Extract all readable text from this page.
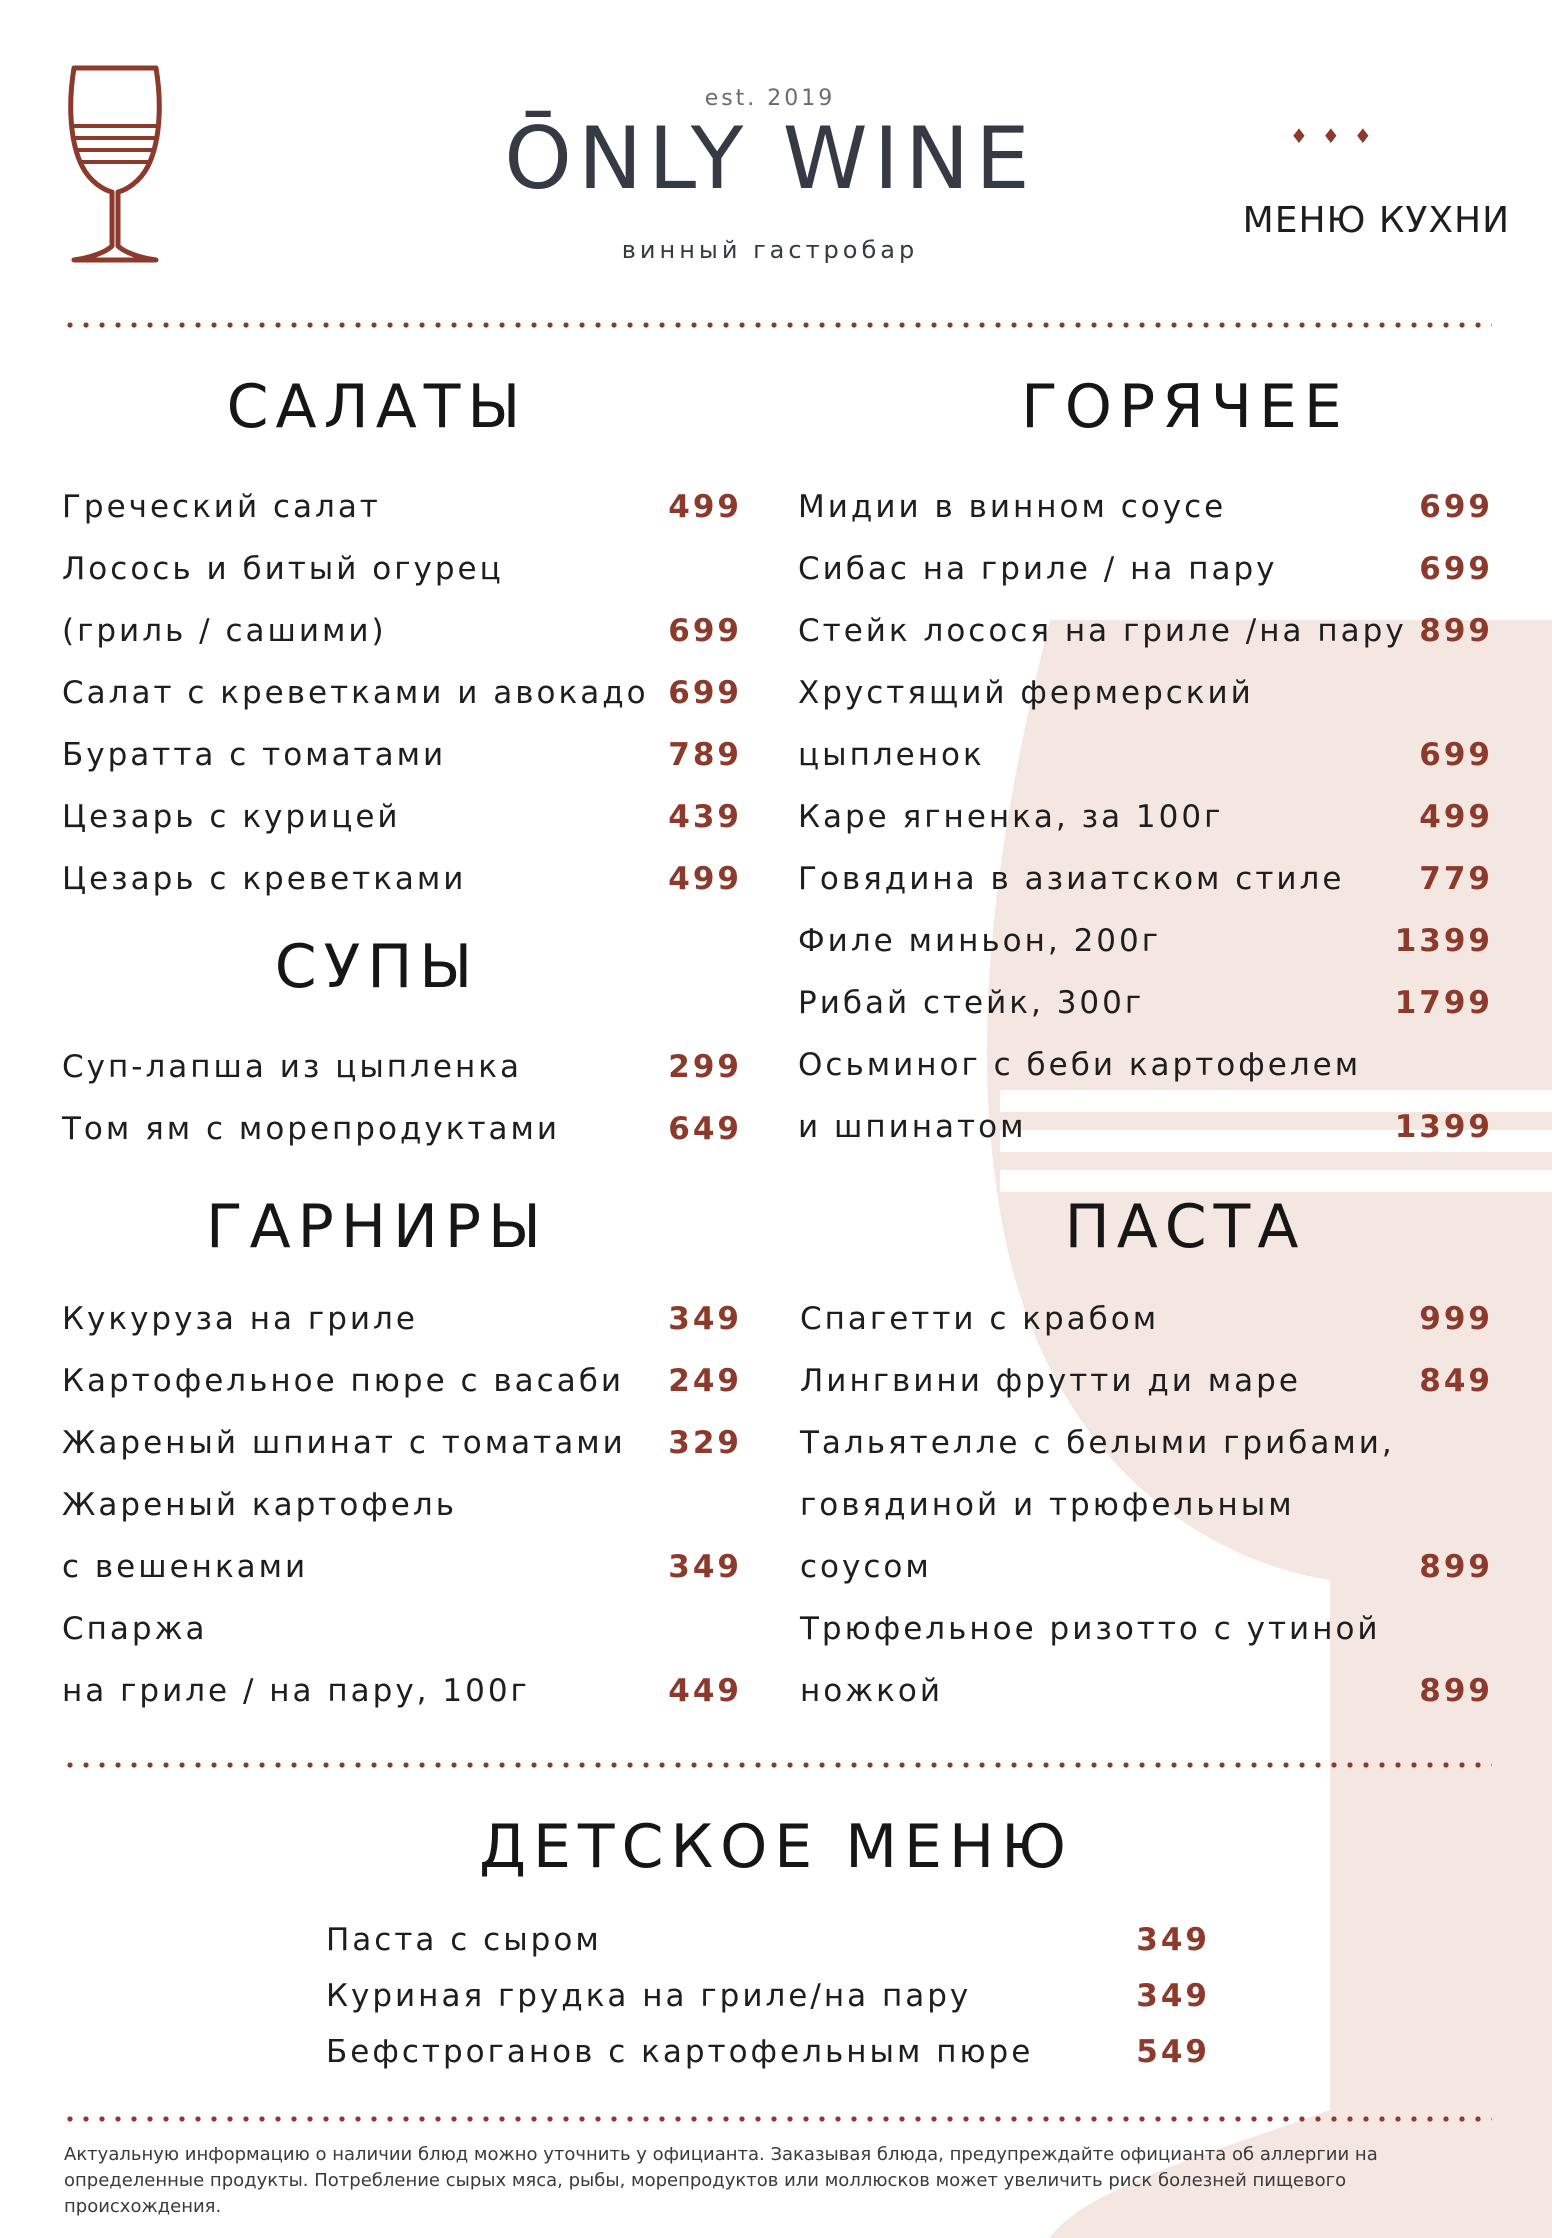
est. 2019
ŌNLY WINE
винный гастробар
♦♦♦
МЕНЮ КУХНИ
САЛАТЫ
Греческий салат	499
Лосось и битый огурец
(гриль / сашими)	699
Салат с креветками и авокадо 699
Буратта с томатами	789
Цезарь с курицей	439
Цезарь с креветками	499
СУПЫ
Суп-лапша из цыпленка	299
Том ям с морепродуктами	649
ГАРНИРЫ
Кукуруза на гриле	349
Картофельное пюре с васаби 249
Жареный шпинат с томатами 329
Жареный картофель
с вешенками	349
Спаржа
на гриле / на пару, 100г	449
ГОРЯЧЕЕ
Мидии в винном соусе	699
Сибас на гриле / на пару	699
Стейк лосося на гриле /на пару 899
Хрустящий фермерский
цыпленок	699
Каре ягненка, за 100г	499
Говядина в азиатском стиле 779
Филе миньон, 200г	1399
Рибай стейк, 300г	1799
Осьминог с беби картофелем
и шпинатом	1399
ПАСТА
Спагетти с крабом	999
Лингвини фрутти ди маре	849
Тальятелле с белыми грибами,
говядиной и трюфельным
соусом	899
Трюфельное ризотто с утиной
ножкой	899
ДЕТСКОЕ МЕНЮ
Паста с сыром	349
Куриная грудка на гриле/на пару	349
Бефстроганов с картофельным пюре	549
Актуальную информацию о наличии блюд можно уточнить у официанта. Заказывая блюда, предупреждайте официанта об аллергии на определенные продукты. Потребление сырых мяса, рыбы, морепродуктов или моллюсков может увеличить риск болезней пищевого происхождения.
